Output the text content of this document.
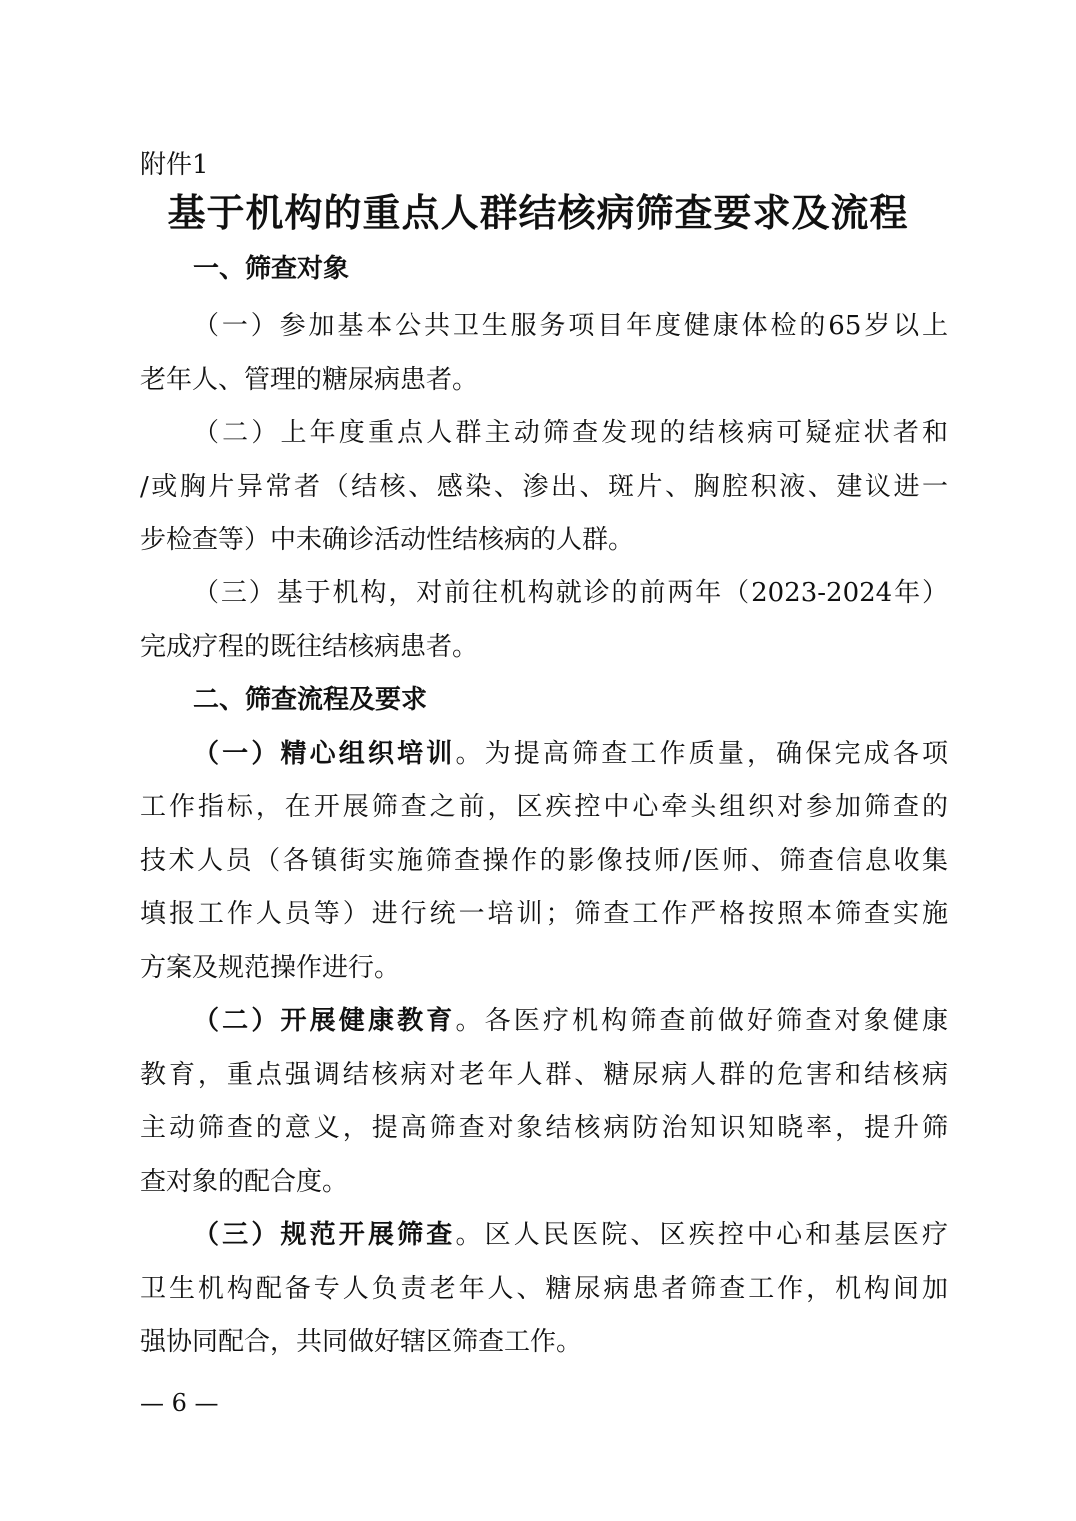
附件1
基于机构的重点人群结核病筛查要求及流程
一、筛查对象
（一）参加基本公共卫生服务项目年度健康体检的65岁以上
老年人、管理的糖尿病患者。
（二）上年度重点人群主动筛查发现的结核病可疑症状者和
/或胸片异常者（结核、感染、渗出、斑片、胸腔积液、建议进一
步检查等）中未确诊活动性结核病的人群。
（三）基于机构，对前往机构就诊的前两年（2023-2024年）
完成疗程的既往结核病患者。
二、筛查流程及要求
（一）精心组织培训。为提高筛查工作质量，确保完成各项
工作指标，在开展筛查之前，区疾控中心牵头组织对参加筛查的
技术人员（各镇街实施筛查操作的影像技师/医师、筛查信息收集
填报工作人员等）进行统一培训；筛查工作严格按照本筛查实施
方案及规范操作进行。
（二）开展健康教育。各医疗机构筛查前做好筛查对象健康
教育，重点强调结核病对老年人群、糖尿病人群的危害和结核病
主动筛查的意义，提高筛查对象结核病防治知识知晓率，提升筛
查对象的配合度。
（三）规范开展筛查。区人民医院、区疾控中心和基层医疗
卫生机构配备专人负责老年人、糖尿病患者筛查工作，机构间加
强协同配合，共同做好辖区筛查工作。
— 6 —
